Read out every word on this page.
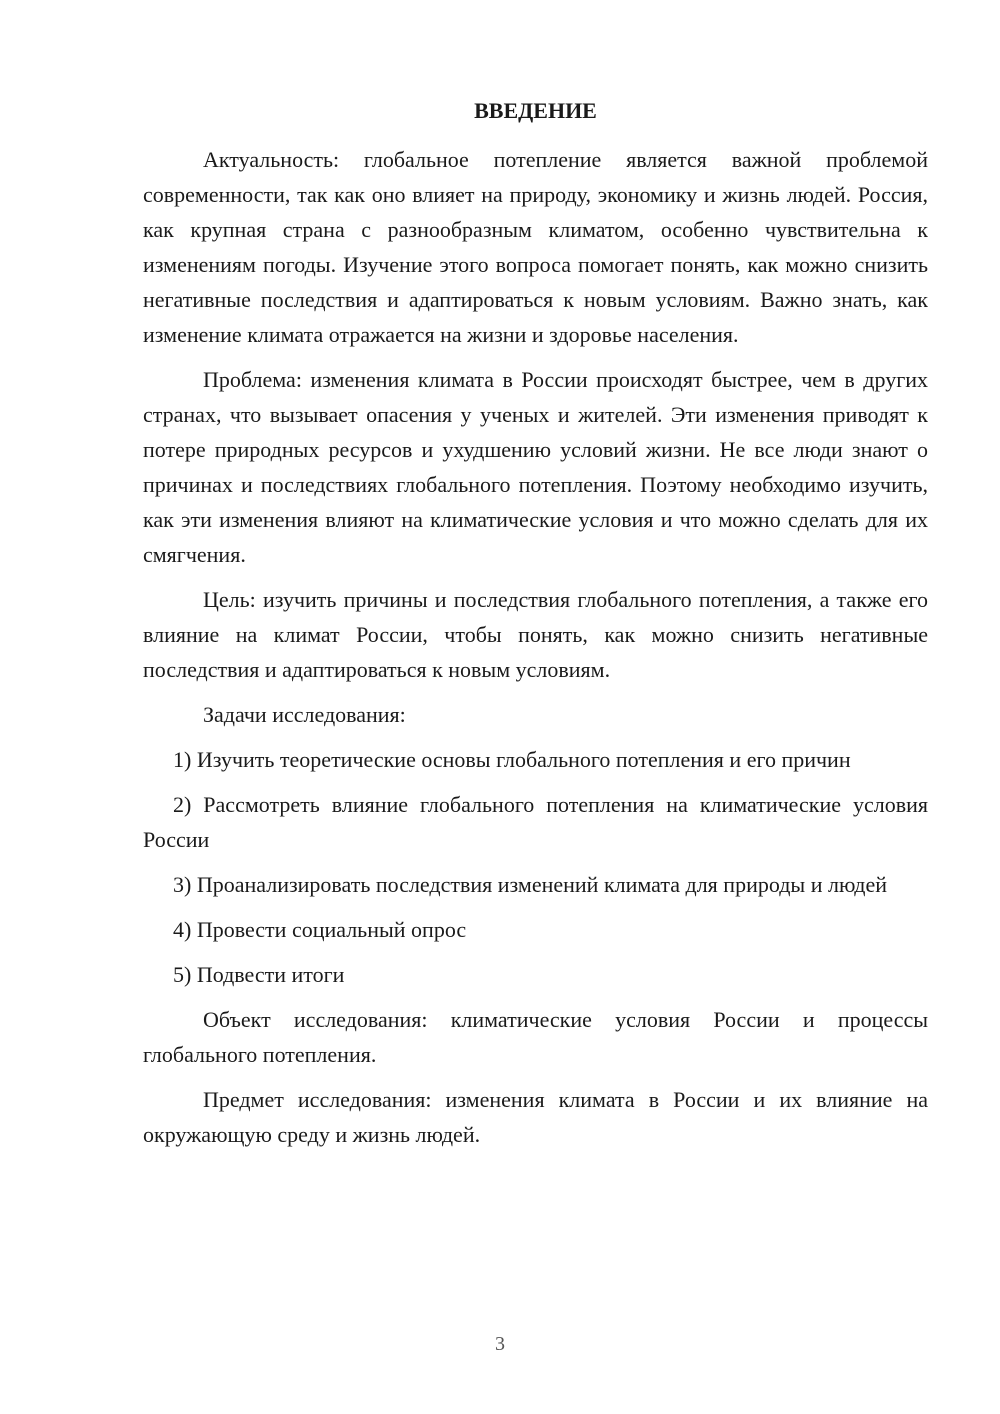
ВВЕДЕНИЕ

Актуальность: глобальное потепление является важной проблемой современности, так как оно влияет на природу, экономику и жизнь людей. Россия, как крупная страна с разнообразным климатом, особенно чувствительна к изменениям погоды. Изучение этого вопроса помогает понять, как можно снизить негативные последствия и адаптироваться к новым условиям. Важно знать, как изменение климата отражается на жизни и здоровье населения.

Проблема: изменения климата в России происходят быстрее, чем в других странах, что вызывает опасения у ученых и жителей. Эти изменения приводят к потере природных ресурсов и ухудшению условий жизни. Не все люди знают о причинах и последствиях глобального потепления. Поэтому необходимо изучить, как эти изменения влияют на климатические условия и что можно сделать для их смягчения.

Цель: изучить причины и последствия глобального потепления, а также его влияние на климат России, чтобы понять, как можно снизить негативные последствия и адаптироваться к новым условиям.

Задачи исследования:

1) Изучить теоретические основы глобального потепления и его причин

2) Рассмотреть влияние глобального потепления на климатические условия России

3) Проанализировать последствия изменений климата для природы и людей

4) Провести социальный опрос

5) Подвести итоги

Объект исследования: климатические условия России и процессы глобального потепления.

Предмет исследования: изменения климата в России и их влияние на окружающую среду и жизнь людей.

3
